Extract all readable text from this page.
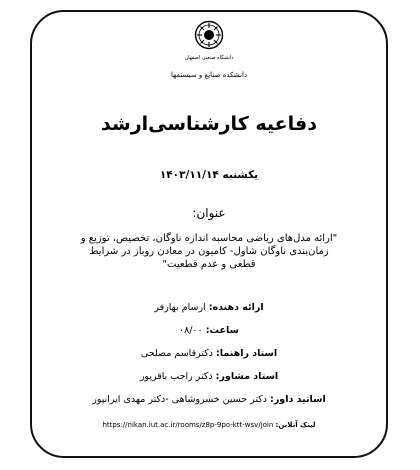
دانشگاه صنعتی اصفهان
دانشکده صنایع و سیستمها
دفاعیه کارشناسی‌ارشد
یکشنبه ۱۴۰۳/۱۱/۱۴
عنوان:
"ارائه مدل‌های ریاضی محاسبه اندازه ناوگان، تخصیص، توزیع و زمان‌بندی ناوگان شاول- کامیون در معادن روباز در شرایط قطعی و عدم قطعیت"
ارائه دهنده: ارسام بهارفر
ساعت: ۰۸/۰۰
استاد راهنما: دکترقاسم مصلحی
استاد مشاور: دکتر راحب باقرپور
اساتید داور: دکتر حسین خسروشاهی -دکتر مهدی ایرانپور
لینک آنلاین: https://nikan.iut.ac.ir/rooms/z8p-9po-ktt-wsv/join
